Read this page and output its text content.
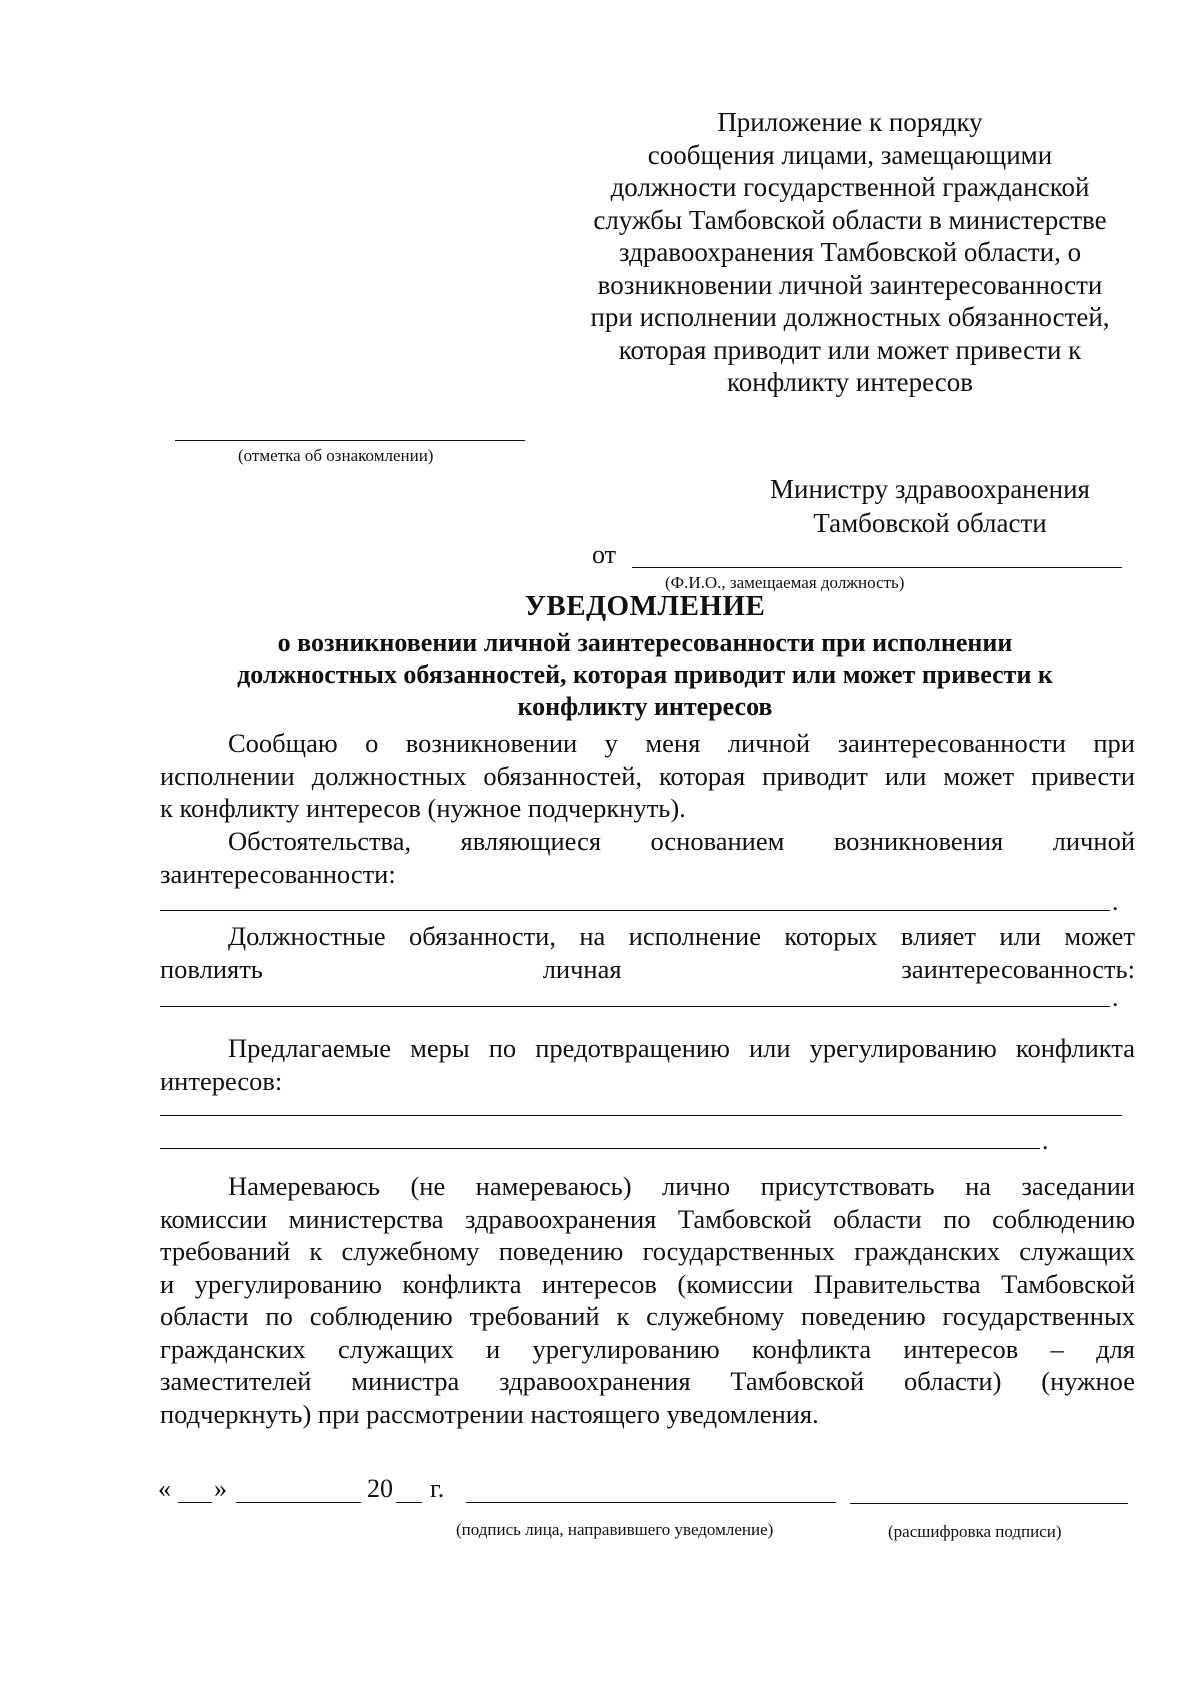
Приложение к порядку
сообщения лицами, замещающими
должности государственной гражданской
службы Тамбовской области в министерстве
здравоохранения Тамбовской области, о
возникновении личной заинтересованности
при исполнении должностных обязанностей,
которая приводит или может привести к
конфликту интересов
(отметка об ознакомлении)
Министру здравоохранения
Тамбовской области
от
(Ф.И.О., замещаемая должность)
УВЕДОМЛЕНИЕ
о возникновении личной заинтересованности при исполнении
должностных обязанностей, которая приводит или может привести к
конфликту интересов
Сообщаю о возникновении у меня личной заинтересованности при
исполнении должностных обязанностей, которая приводит или может привести
к конфликту интересов (нужное подчеркнуть).
Обстоятельства, являющиеся основанием возникновения личной
заинтересованности:
.
Должностные обязанности, на исполнение которых влияет или может
повлиять	личная	заинтересованность:
.
Предлагаемые меры по предотвращению или урегулированию конфликта
интересов:
.
Намереваюсь (не намереваюсь) лично присутствовать на заседании
комиссии министерства здравоохранения Тамбовской области по соблюдению
требований к служебному поведению государственных гражданских служащих
и урегулированию конфликта интересов (комиссии Правительства Тамбовской
области по соблюдению требований к служебному поведению государственных
гражданских служащих и урегулированию конфликта интересов – для
заместителей министра здравоохранения Тамбовской области) (нужное
подчеркнуть) при рассмотрении настоящего уведомления.
« »	20 г.
(подпись лица, направившего уведомление)	(расшифровка подписи)
